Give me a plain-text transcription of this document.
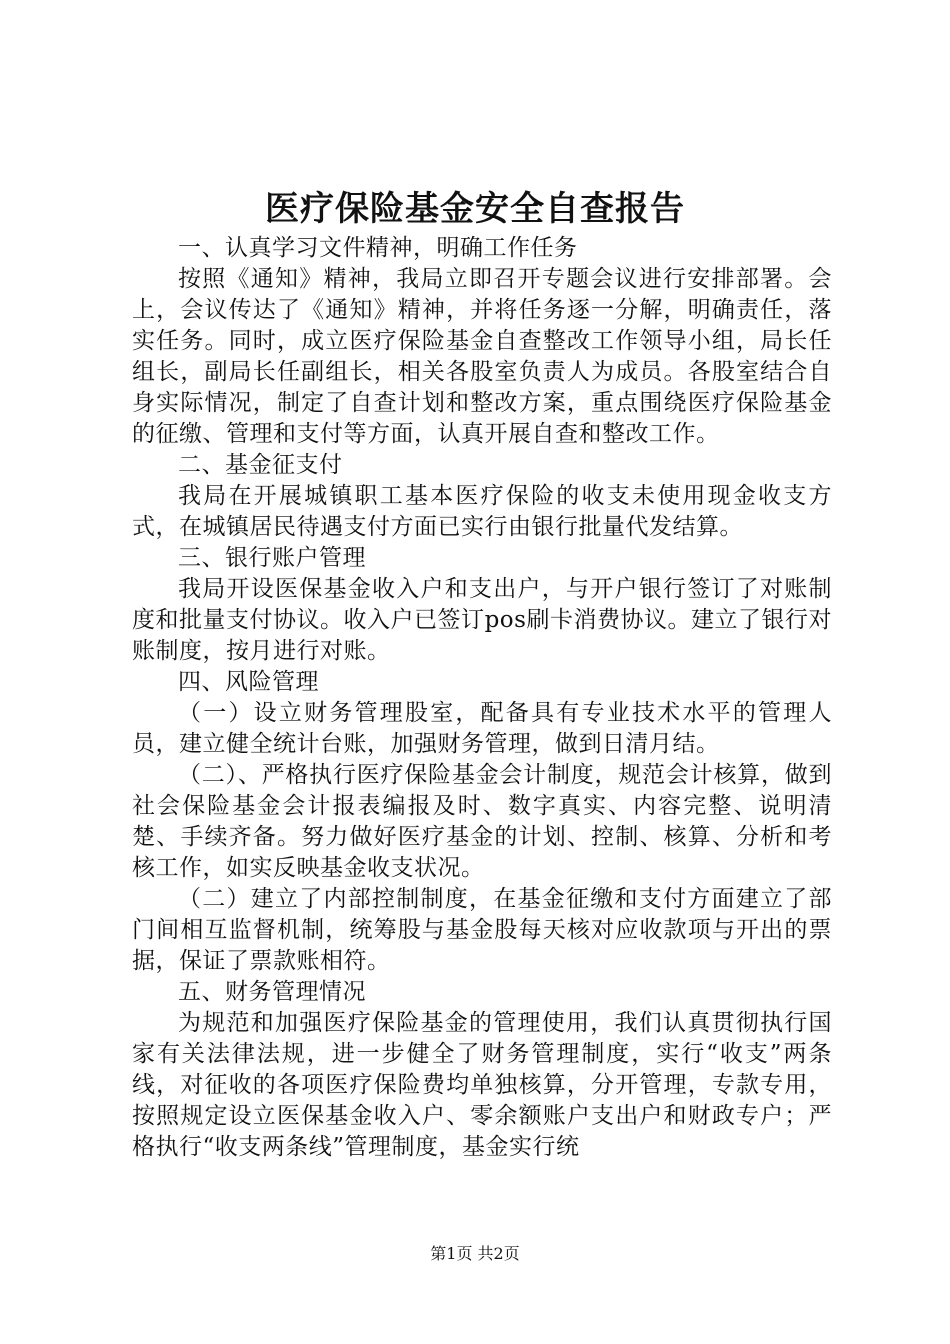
医疗保险基金安全自查报告

一、认真学习文件精神，明确工作任务

按照《通知》精神，我局立即召开专题会议进行安排部署。会上，会议传达了《通知》精神，并将任务逐一分解，明确责任，落实任务。同时，成立医疗保险基金自查整改工作领导小组，局长任组长，副局长任副组长，相关各股室负责人为成员。各股室结合自身实际情况，制定了自查计划和整改方案，重点围绕医疗保险基金的征缴、管理和支付等方面，认真开展自查和整改工作。

二、基金征支付

我局在开展城镇职工基本医疗保险的收支未使用现金收支方式，在城镇居民待遇支付方面已实行由银行批量代发结算。

三、银行账户管理

我局开设医保基金收入户和支出户，与开户银行签订了对账制度和批量支付协议。收入户已签订pos刷卡消费协议。建立了银行对账制度，按月进行对账。

四、风险管理

（一）设立财务管理股室，配备具有专业技术水平的管理人员，建立健全统计台账，加强财务管理，做到日清月结。

（二）、严格执行医疗保险基金会计制度，规范会计核算，做到社会保险基金会计报表编报及时、数字真实、内容完整、说明清楚、手续齐备。努力做好医疗基金的计划、控制、核算、分析和考核工作，如实反映基金收支状况。

（二）建立了内部控制制度，在基金征缴和支付方面建立了部门间相互监督机制，统筹股与基金股每天核对应收款项与开出的票据，保证了票款账相符。

五、财务管理情况

为规范和加强医疗保险基金的管理使用，我们认真贯彻执行国家有关法律法规，进一步健全了财务管理制度，实行“收支”两条线，对征收的各项医疗保险费均单独核算，分开管理，专款专用，按照规定设立医保基金收入户、零余额账户支出户和财政专户；严格执行“收支两条线”管理制度，基金实行统

第1页 共2页
